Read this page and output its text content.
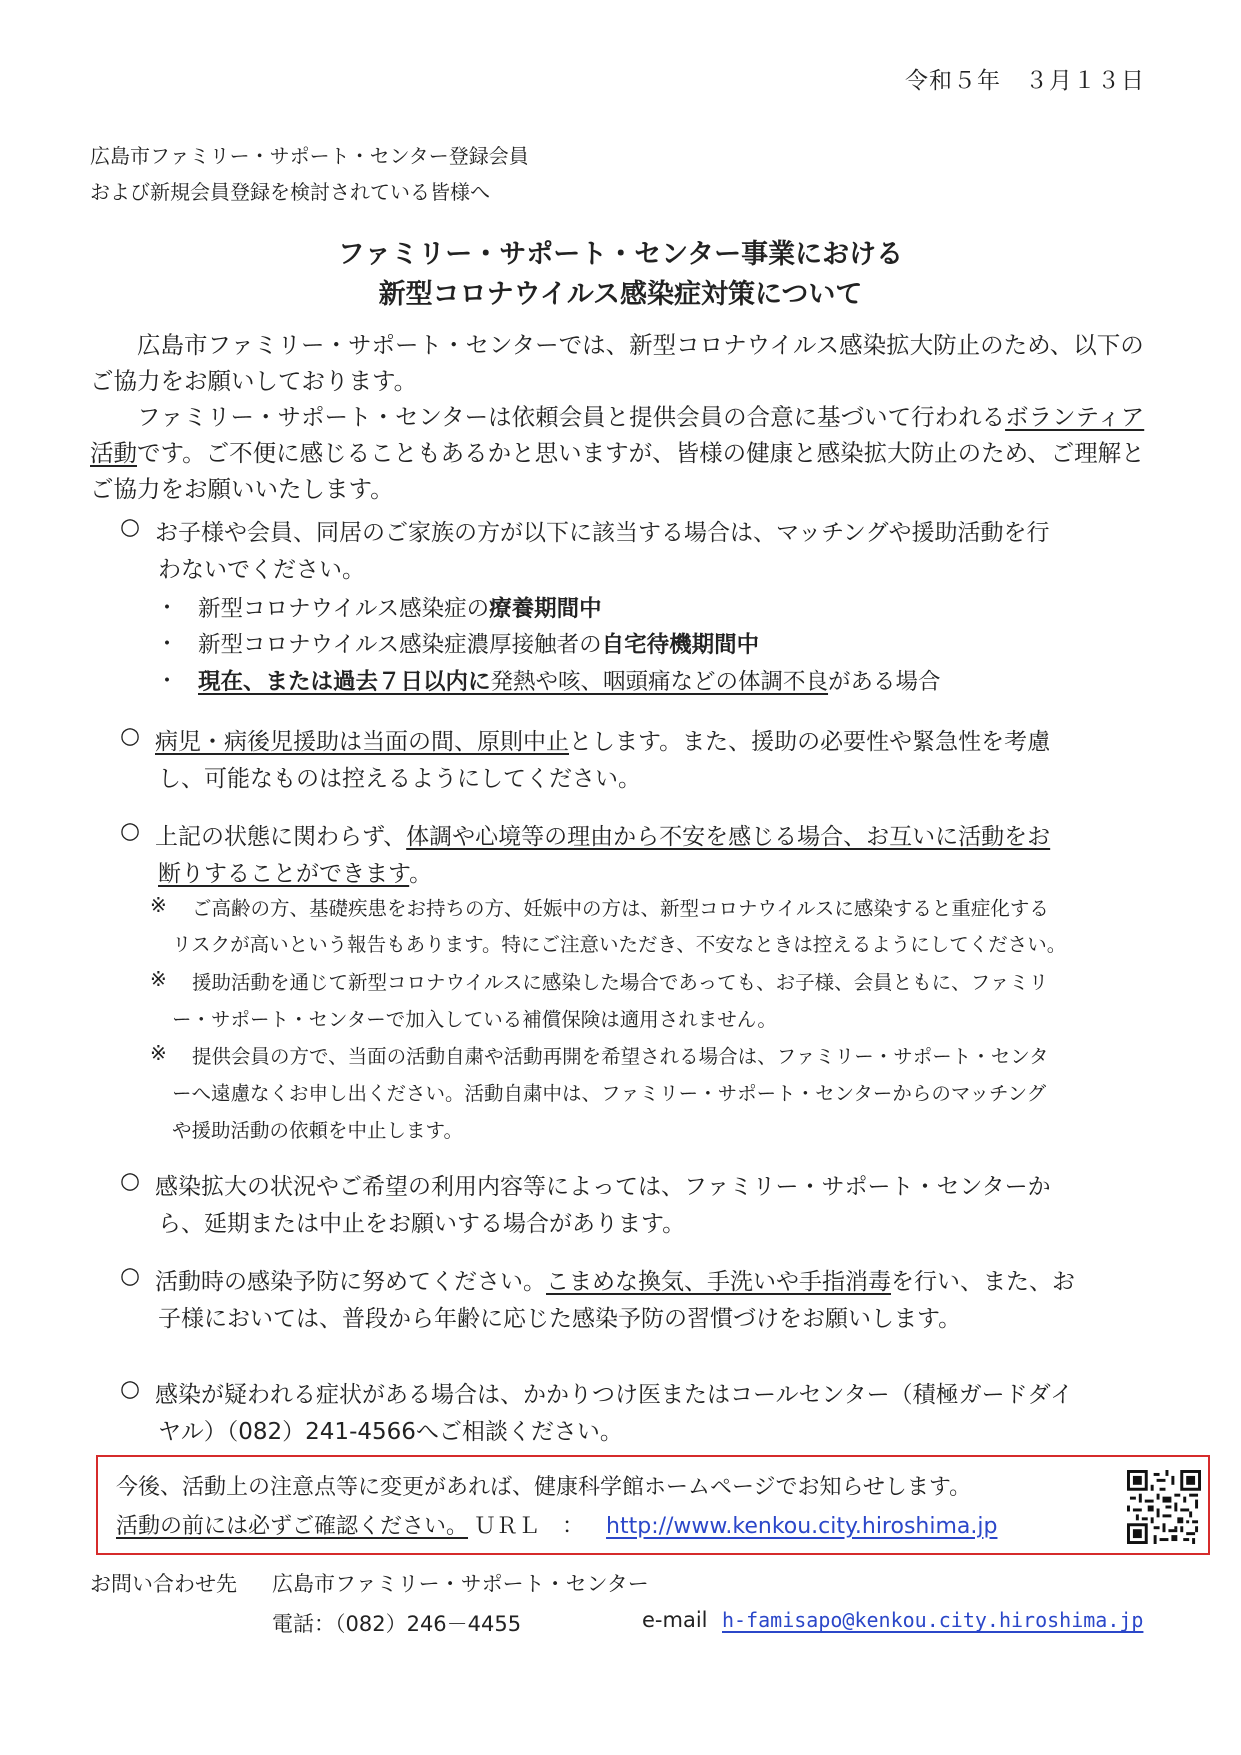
令和５年　３月１３日
広島市ファミリー・サポート・センター登録会員
および新規会員登録を検討されている皆様へ
ファミリー・サポート・センター事業における
新型コロナウイルス感染症対策について
広島市ファミリー・サポート・センターでは、新型コロナウイルス感染拡大防止のため、以下のご協力をお願いしております。
ファミリー・サポート・センターは依頼会員と提供会員の合意に基づいて行われるボランティア活動です。ご不便に感じることもあるかと思いますが、皆様の健康と感染拡大防止のため、ご理解とご協力をお願いいたします。
○ お子様や会員、同居のご家族の方が以下に該当する場合は、マッチングや援助活動を行
わないでください。
・ 新型コロナウイルス感染症の療養期間中
・ 新型コロナウイルス感染症濃厚接触者の自宅待機期間中
・ 現在、または過去７日以内に発熱や咳、咽頭痛などの体調不良がある場合
○ 病児・病後児援助は当面の間、原則中止とします。また、援助の必要性や緊急性を考慮
し、可能なものは控えるようにしてください。
○ 上記の状態に関わらず、体調や心境等の理由から不安を感じる場合、お互いに活動をお
断りすることができます。
※ ご高齢の方、基礎疾患をお持ちの方、妊娠中の方は、新型コロナウイルスに感染すると重症化する
リスクが高いという報告もあります。特にご注意いただき、不安なときは控えるようにしてください。
※ 援助活動を通じて新型コロナウイルスに感染した場合であっても、お子様、会員ともに、ファミリ
ー・サポート・センターで加入している補償保険は適用されません。
※ 提供会員の方で、当面の活動自粛や活動再開を希望される場合は、ファミリー・サポート・センタ
ーへ遠慮なくお申し出ください。活動自粛中は、ファミリー・サポート・センターからのマッチング
や援助活動の依頼を中止します。
○ 感染拡大の状況やご希望の利用内容等によっては、ファミリー・サポート・センターか
ら、延期または中止をお願いする場合があります。
○ 活動時の感染予防に努めてください。こまめな換気、手洗いや手指消毒を行い、また、お
子様においては、普段から年齢に応じた感染予防の習慣づけをお願いします。
○ 感染が疑われる症状がある場合は、かかりつけ医またはコールセンター（積極ガードダイ
ヤル）（082）241-4566へご相談ください。
今後、活動上の注意点等に変更があれば、健康科学館ホームページでお知らせします。
活動の前には必ずご確認ください。 ＵＲＬ　： http://www.kenkou.city.hiroshima.jp
お問い合わせ先 広島市ファミリー・サポート・センター
電話：（082）246－4455	e-mail h-famisapo@kenkou.city.hiroshima.jp
